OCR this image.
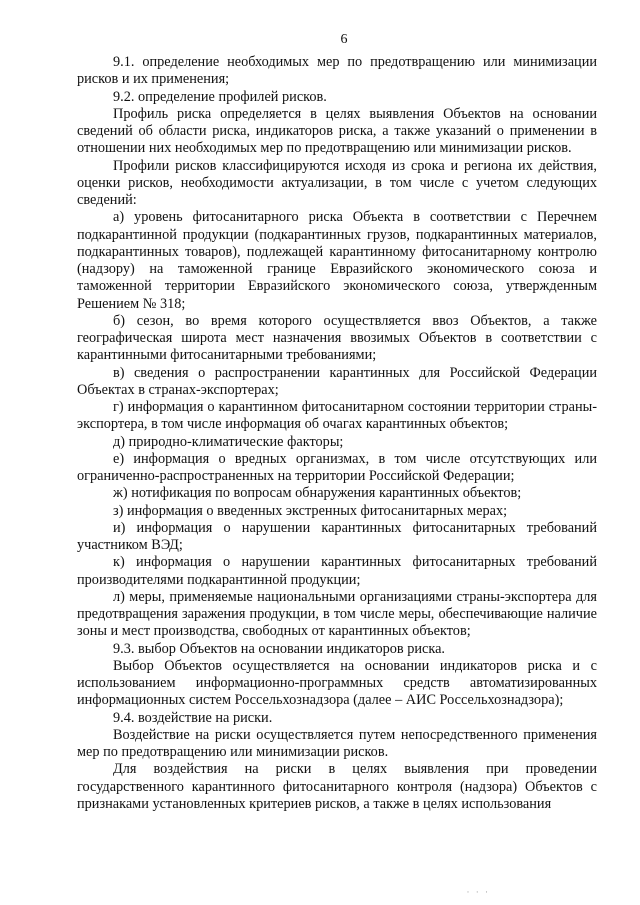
6

9.1. определение необходимых мер по предотвращению или минимизации рисков и их применения;

9.2. определение профилей рисков.

Профиль риска определяется в целях выявления Объектов на основании сведений об области риска, индикаторов риска, а также указаний о применении в отношении них необходимых мер по предотвращению или минимизации рисков.

Профили рисков классифицируются исходя из срока и региона их действия, оценки рисков, необходимости актуализации, в том числе с учетом следующих сведений:

а) уровень фитосанитарного риска Объекта в соответствии с Перечнем подкарантинной продукции (подкарантинных грузов, подкарантинных материалов, подкарантинных товаров), подлежащей карантинному фитосанитарному контролю (надзору) на таможенной границе Евразийского экономического союза и таможенной территории Евразийского экономического союза, утвержденным Решением № 318;

б) сезон, во время которого осуществляется ввоз Объектов, а также географическая широта мест назначения ввозимых Объектов в соответствии с карантинными фитосанитарными требованиями;

в) сведения о распространении карантинных для Российской Федерации Объектах в странах-экспортерах;

г) информация о карантинном фитосанитарном состоянии территории страны-экспортера, в том числе информация об очагах карантинных объектов;

д) природно-климатические факторы;

е) информация о вредных организмах, в том числе отсутствующих или ограниченно-распространенных на территории Российской Федерации;

ж) нотификация по вопросам обнаружения карантинных объектов;

з) информация о введенных экстренных фитосанитарных мерах;

и) информация о нарушении карантинных фитосанитарных требований участником ВЭД;

к) информация о нарушении карантинных фитосанитарных требований производителями подкарантинной продукции;

л) меры, применяемые национальными организациями страны-экспортера для предотвращения заражения продукции, в том числе меры, обеспечивающие наличие зоны и мест производства, свободных от карантинных объектов;

9.3. выбор Объектов на основании индикаторов риска.

Выбор Объектов осуществляется на основании индикаторов риска и с использованием информационно-программных средств автоматизированных информационных систем Россельхознадзора (далее – АИС Россельхознадзора);

9.4. воздействие на риски.

Воздействие на риски осуществляется путем непосредственного применения мер по предотвращению или минимизации рисков.

Для воздействия на риски в целях выявления при проведении государственного карантинного фитосанитарного контроля (надзора) Объектов с признаками установленных критериев рисков, а также в целях использования

· · ·
